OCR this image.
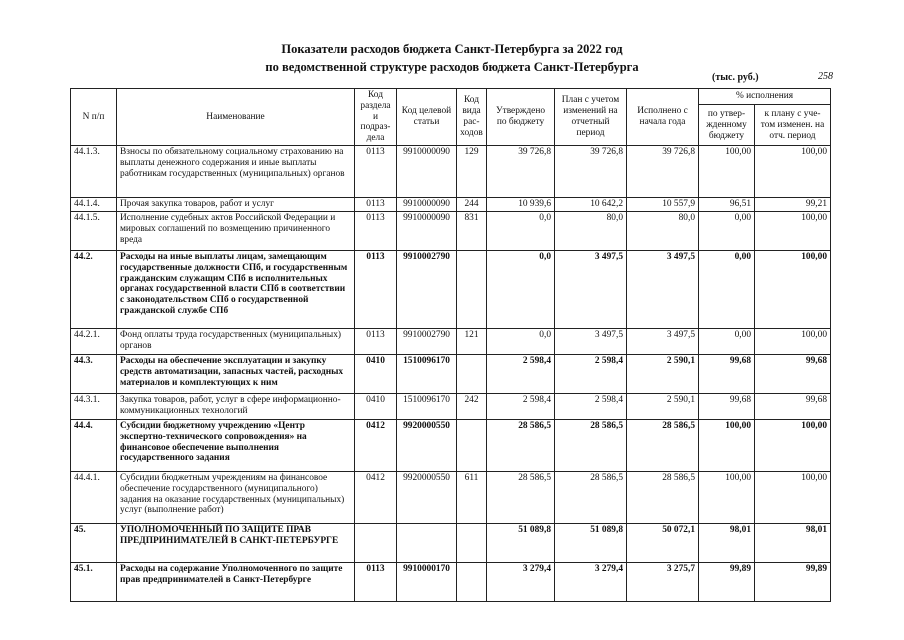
Показатели расходов бюджета Санкт-Петербурга за 2022 год
по ведомственной структуре расходов бюджета Санкт-Петербурга
(тыс. руб.)	258
N п/п	Наименование	Код раздела и подраз-дела	Код целевой статьи	Код вида рас-ходов	Утверждено по бюджету	План с учетом изменений на отчетный период	Исполнено с начала года	% исполнения	
								по утвер-жденному бюджету	к плану с уче-том изменен. на отч. период
44.1.3.	Взносы по обязательному социальному страхованию на выплаты денежного содержания и иные выплаты работникам государственных (муниципальных) органов	0113	9910000090	129	39 726,8	39 726,8	39 726,8	100,00	100,00
44.1.4.	Прочая закупка товаров, работ и услуг	0113	9910000090	244	10 939,6	10 642,2	10 557,9	96,51	99,21
44.1.5.	Исполнение судебных актов Российской Федерации и мировых соглашений по возмещению причиненного вреда	0113	9910000090	831	0,0	80,0	80,0	0,00	100,00
44.2.	Расходы на иные выплаты лицам, замещающим государственные должности СПб, и государственным гражданским служащим СПб в исполнительных органах государственной власти СПб в соответствии с законодательством СПб о государственной гражданской службе СПб	0113	9910002790		0,0	3 497,5	3 497,5	0,00	100,00
44.2.1.	Фонд оплаты труда государственных (муниципальных) органов	0113	9910002790	121	0,0	3 497,5	3 497,5	0,00	100,00
44.3.	Расходы на обеспечение эксплуатации и закупку средств автоматизации, запасных частей, расходных материалов и комплектующих к ним	0410	1510096170		2 598,4	2 598,4	2 590,1	99,68	99,68
44.3.1.	Закупка товаров, работ, услуг в сфере информационно-коммуникационных технологий	0410	1510096170	242	2 598,4	2 598,4	2 590,1	99,68	99,68
44.4.	Субсидии бюджетному учреждению «Центр экспертно-технического сопровождения» на финансовое обеспечение выполнения государственного задания	0412	9920000550		28 586,5	28 586,5	28 586,5	100,00	100,00
44.4.1.	Субсидии бюджетным учреждениям на финансовое обеспечение государственного (муниципального) задания на оказание государственных (муниципальных) услуг (выполнение работ)	0412	9920000550	611	28 586,5	28 586,5	28 586,5	100,00	100,00
45.	УПОЛНОМОЧЕННЫЙ ПО ЗАЩИТЕ ПРАВ ПРЕДПРИНИМАТЕЛЕЙ В САНКТ-ПЕТЕРБУРГЕ				51 089,8	51 089,8	50 072,1	98,01	98,01
45.1.	Расходы на содержание Уполномоченного по защите прав предпринимателей в Санкт-Петербурге	0113	9910000170		3 279,4	3 279,4	3 275,7	99,89	99,89
